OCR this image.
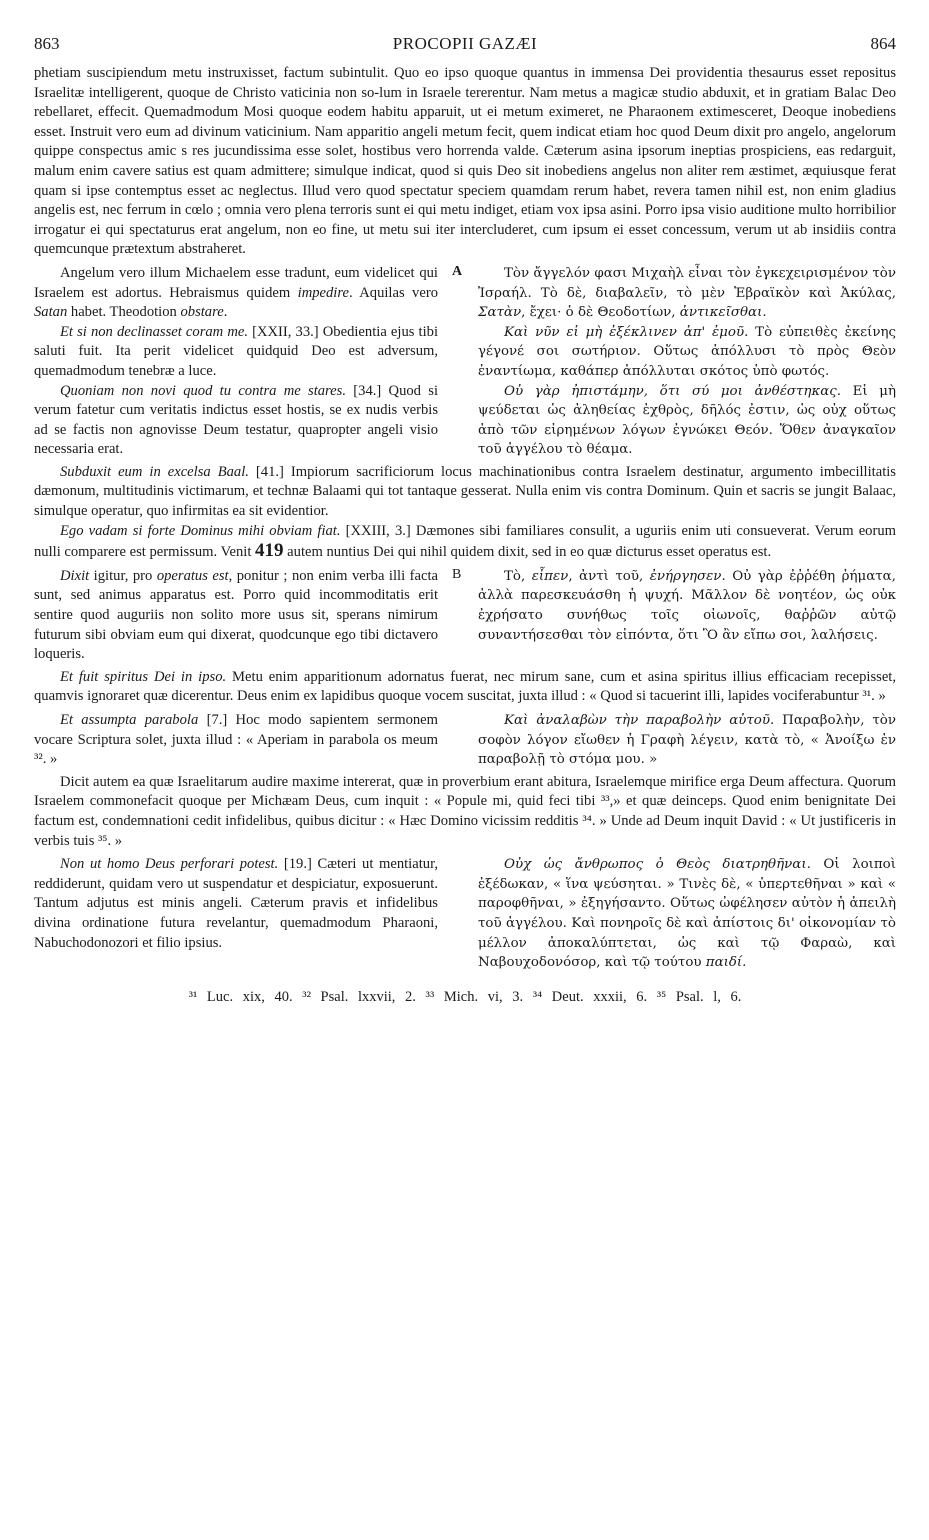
863	PROCOPII GAZÆI	864

phetiam suscipiendum metu instruxisset, factum subintulit. Quo eo ipso quoque quantus in immensa Dei providentia thesaurus esset repositus Israelitæ intelligerent, quoque de Christo vaticinia non so-lum in Israele tererentur. Nam metus a magicæ studio abduxit, et in gratiam Balac Deo rebellaret, effecit. Quemadmodum Mosi quoque eodem habitu apparuit, ut ei metum eximeret, ne Pharaonem extimesceret, Deoque inobediens esset. Instruit vero eum ad divinum vaticinium. Nam apparitio angeli metum fecit, quem indicat etiam hoc quod Deum dixit pro angelo, angelorum quippe conspectus amic s res jucundissima esse solet, hostibus vero horrenda valde. Cæterum asina ipsorum ineptias prospiciens, eas redarguit, malum enim cavere satius est quam admittere; simulque indicat, quod si quis Deo sit inobediens angelus non aliter rem æstimet, æquiusque ferat quam si ipse contemptus esset ac neglectus. Illud vero quod spectatur speciem quamdam rerum habet, revera tamen nihil est, non enim gladius angelis est, nec ferrum in cœlo ; omnia vero plena terroris sunt ei qui metu indiget, etiam vox ipsa asini. Porro ipsa visio auditione multo horribilior irrogatur ei qui spectaturus erat angelum, non eo fine, ut metu sui iter intercluderet, cum ipsum ei esset concessum, verum ut ab insidiis contra quemcunque prætextum abstraheret.

A

Angelum vero illum Michaelem esse tradunt, eum videlicet qui Israelem est adortus. Hebraismus quidem impedire. Aquilas vero Satan habet. Theodotion obstare.

Et si non declinasset coram me. [XXII, 33.] Obedientia ejus tibi saluti fuit. Ita perit videlicet quidquid Deo est adversum, quemadmodum tenebræ a luce.

Quoniam non novi quod tu contra me stares. [34.] Quod si verum fatetur cum veritatis indictus esset hostis, se ex nudis verbis ad se factis non agnovisse Deum testatur, quapropter angeli visio necessaria erat.

Τὸν ἄγγελόν φασι Μιχαὴλ εἶναι τὸν ἐγκεχειρισμένον τὸν Ἰσραήλ. Τὸ δὲ, διαβαλεῖν, τὸ μὲν Ἑβραϊκὸν καὶ Ἀκύλας, Σατὰν, ἔχει· ὁ δὲ Θεοδοτίων, ἀντικεῖσθαι.

Καὶ νῦν εἰ μὴ ἐξέκλινεν ἀπ' ἐμοῦ. Τὸ εὐπειθὲς ἐκείνης γέγονέ σοι σωτήριον. Οὕτως ἀπόλλυσι τὸ πρὸς Θεὸν ἐναντίωμα, καθάπερ ἀπόλλυται σκότος ὑπὸ φωτός.

Οὐ γὰρ ἠπιστάμην, ὅτι σύ μοι ἀνθέστηκας. Εἰ μὴ ψεύδεται ὡς ἀληθείας ἐχθρὸς, δῆλός ἐστιν, ὡς οὐχ οὕτως ἀπὸ τῶν εἰρημένων λόγων ἐγνώκει Θεόν. Ὅθεν ἀναγκαῖον τοῦ ἀγγέλου τὸ θέαμα.

Subduxit eum in excelsa Baal. [41.] Impiorum sacrificiorum locus machinationibus contra Israelem destinatur, argumento imbecillitatis dæmonum, multitudinis victimarum, et technæ Balaami qui tot tantaque gesserat. Nulla enim vis contra Dominum. Quin et sacris se jungit Balaac, simulque operatur, quo infirmitas ea sit evidentior.

Ego vadam si forte Dominus mihi obviam fiat. [XXIII, 3.] Dæmones sibi familiares consulit, a uguriis enim uti consueverat. Verum eorum nulli comparere est permissum. Venit 419 autem nuntius Dei qui nihil quidem dixit, sed in eo quæ dicturus esset operatus est.

B

Dixit igitur, pro operatus est, ponitur ; non enim verba illi facta sunt, sed animus apparatus est. Porro quid incommoditatis erit sentire quod auguriis non solito more usus sit, sperans nimirum futurum sibi obviam eum qui dixerat, quodcunque ego tibi dictavero loqueris.

Τὸ, εἶπεν, ἀντὶ τοῦ, ἐνήργησεν. Οὐ γὰρ ἐῤῥέθη ῥήματα, ἀλλὰ παρεσκευάσθη ἡ ψυχή. Μᾶλλον δὲ νοητέον, ὡς οὐκ ἐχρήσατο συνήθως τοῖς οἰωνοῖς, θαῤῥῶν αὐτῷ συναντήσεσθαι τὸν εἰπόντα, ὅτι Ὃ ἂν εἴπω σοι, λαλήσεις.

Et fuit spiritus Dei in ipso. Metu enim apparitionum adornatus fuerat, nec mirum sane, cum et asina spiritus illius efficaciam recepisset, quamvis ignoraret quæ dicerentur. Deus enim ex lapidibus quoque vocem suscitat, juxta illud : « Quod si tacuerint illi, lapides vociferabuntur ³¹. »

Et assumpta parabola [7.] Hoc modo sapientem sermonem vocare Scriptura solet, juxta illud : « Aperiam in parabola os meum ³². »

Καὶ ἀναλαβὼν τὴν παραβολὴν αὐτοῦ. Παραβολὴν, τὸν σοφὸν λόγον εἴωθεν ἡ Γραφὴ λέγειν, κατὰ τὸ, « Ἀνοίξω ἐν παραβολῇ τὸ στόμα μου. »

Dicit autem ea quæ Israelitarum audire maxime intererat, quæ in proverbium erant abitura, Israelemque mirifice erga Deum affectura. Quorum Israelem commonefacit quoque per Michæam Deus, cum inquit : « Popule mi, quid feci tibi ³³,» et quæ deinceps. Quod enim benignitate Dei factum est, condemnationi cedit infidelibus, quibus dicitur : « Hæc Domino vicissim redditis ³⁴. » Unde ad Deum inquit David : « Ut justificeris in verbis tuis ³⁵. »

Non ut homo Deus perforari potest. [19.] Cæteri ut mentiatur, reddiderunt, quidam vero ut suspendatur et despiciatur, exposuerunt. Tantum adjutus est minis angeli. Cæterum pravis et infidelibus divina ordinatione futura revelantur, quemadmodum Pharaoni, Nabuchodonozori et filio ipsius.

Οὐχ ὡς ἄνθρωπος ὁ Θεὸς διατρηθῆναι. Οἱ λοιποὶ ἐξέδωκαν, « ἵνα ψεύσηται. » Τινὲς δὲ, « ὑπερτεθῆναι » καὶ « παροφθῆναι, » ἐξηγήσαντο. Οὕτως ὠφέλησεν αὐτὸν ἡ ἀπειλὴ τοῦ ἀγγέλου. Καὶ πονηροῖς δὲ καὶ ἀπίστοις δι' οἰκονομίαν τὸ μέλλον ἀποκαλύπτεται, ὡς καὶ τῷ Φαραὼ, καὶ Ναβουχοδονόσορ, καὶ τῷ τούτου παιδί.

³¹ Luc. xix, 40. ³² Psal. lxxvii, 2. ³³ Mich. vi, 3. ³⁴ Deut. xxxii, 6. ³⁵ Psal. l, 6.
